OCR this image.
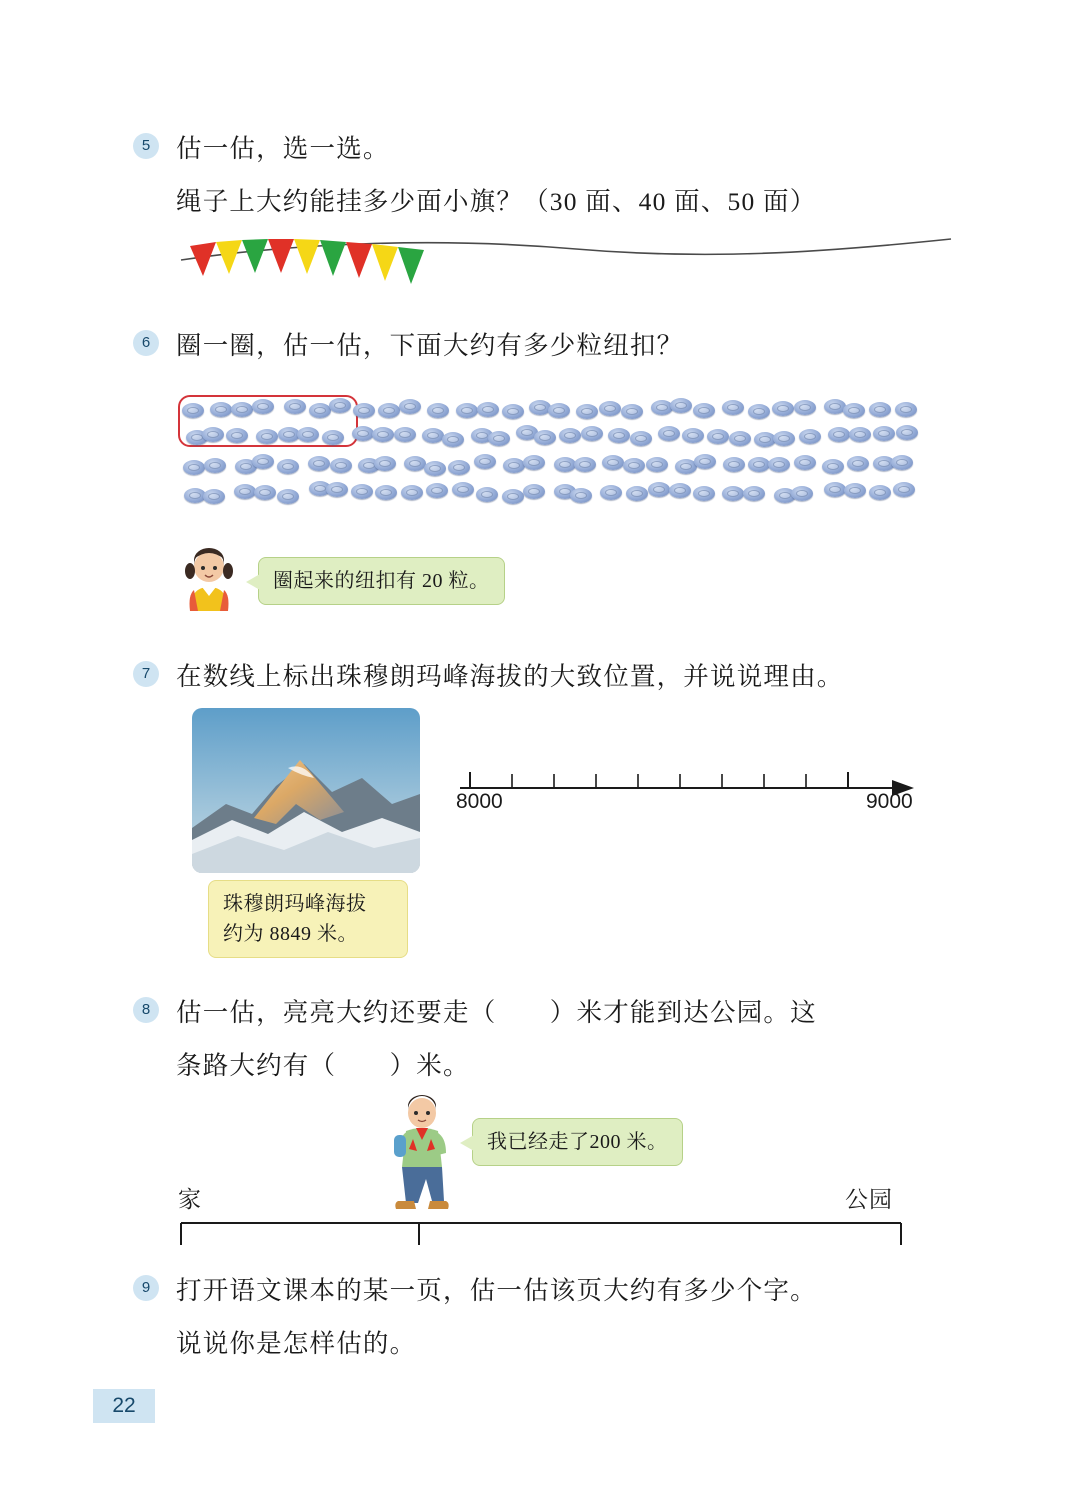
5	估一估，选一选。
绳子上大约能挂多少面小旗？（30 面、40 面、50 面）
6	圈一圈，估一估，下面大约有多少粒纽扣？
圈起来的纽扣有 20 粒。
7	在数线上标出珠穆朗玛峰海拔的大致位置，并说说理由。
8000	9000
珠穆朗玛峰海拔
约为 8849 米。
8	估一估，亮亮大约还要走（　　）米才能到达公园。这
条路大约有（　　）米。
我已经走了200 米。
家	公园
9	打开语文课本的某一页，估一估该页大约有多少个字。
说说你是怎样估的。
22
